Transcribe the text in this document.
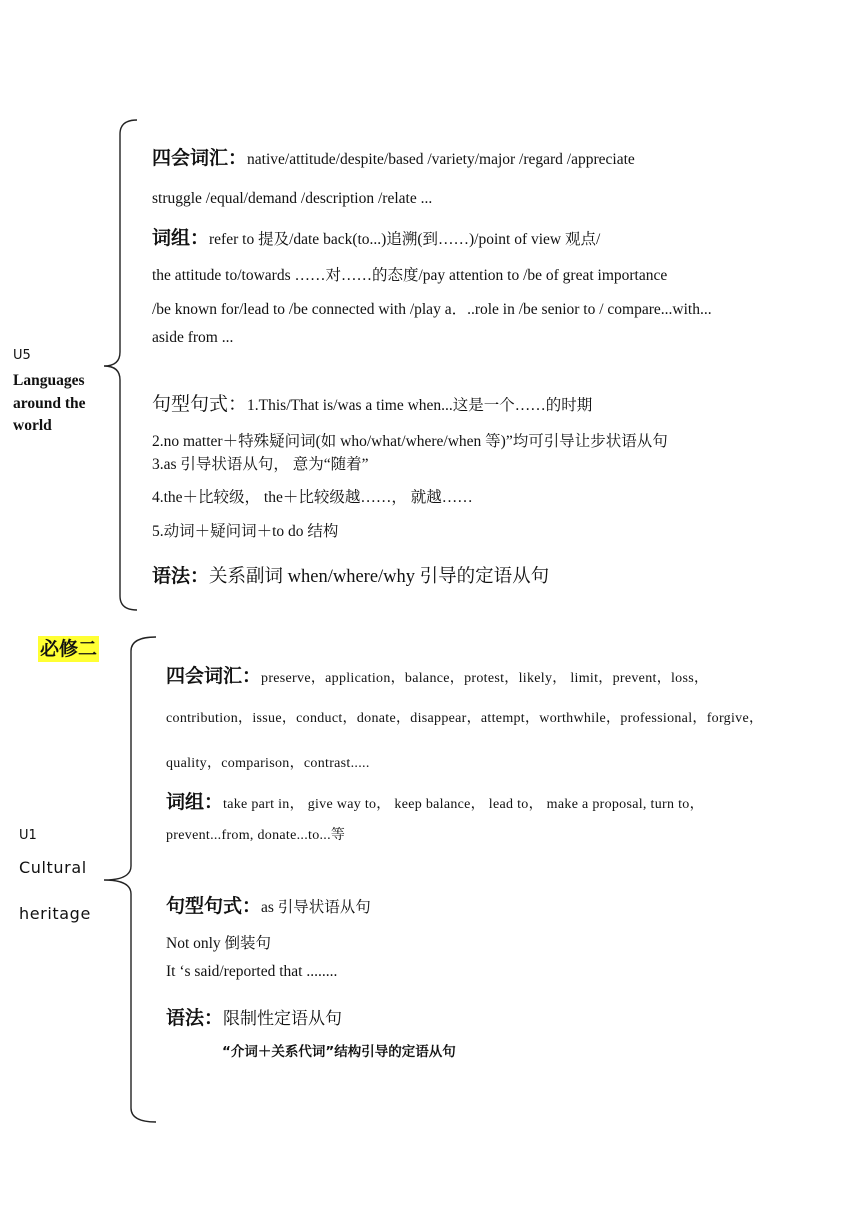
U5
Languages
around the
world
四会词汇：native/attitude/despite/based /variety/major /regard /appreciate
struggle /equal/demand /description /relate ...
词组：refer to 提及/date back(to...)追溯(到……)/point of view 观点/
the attitude to/towards ……对……的态度/pay attention to /be of great importance
/be known for/lead to /be connected with /play a．..role in /be senior to / compare...with...
aside from ...
句型句式：1.This/That is/was a time when...这是一个……的时期
2.no matter＋特殊疑问词(如 who/what/where/when 等)”均可引导让步状语从句
3.as 引导状语从句， 意为“随着”
4.the＋比较级， the＋比较级越……， 就越……
5.动词＋疑问词＋to do 结构
语法：关系副词 when/where/why 引导的定语从句
必修二
U1
Cultural
heritage
四会词汇：preserve，application，balance，protest，likely， limit，prevent，loss，
contribution，issue，conduct，donate，disappear，attempt，worthwhile，professional，forgive，
quality，comparison，contrast.....
词组：take part in， give way to， keep balance， lead to， make a proposal, turn to，
prevent...from, donate...to...等
句型句式：as 引导状语从句
Not only 倒装句
It ‘s said/reported that ........
语法：限制性定语从句
“介词＋关系代词”结构引导的定语从句
